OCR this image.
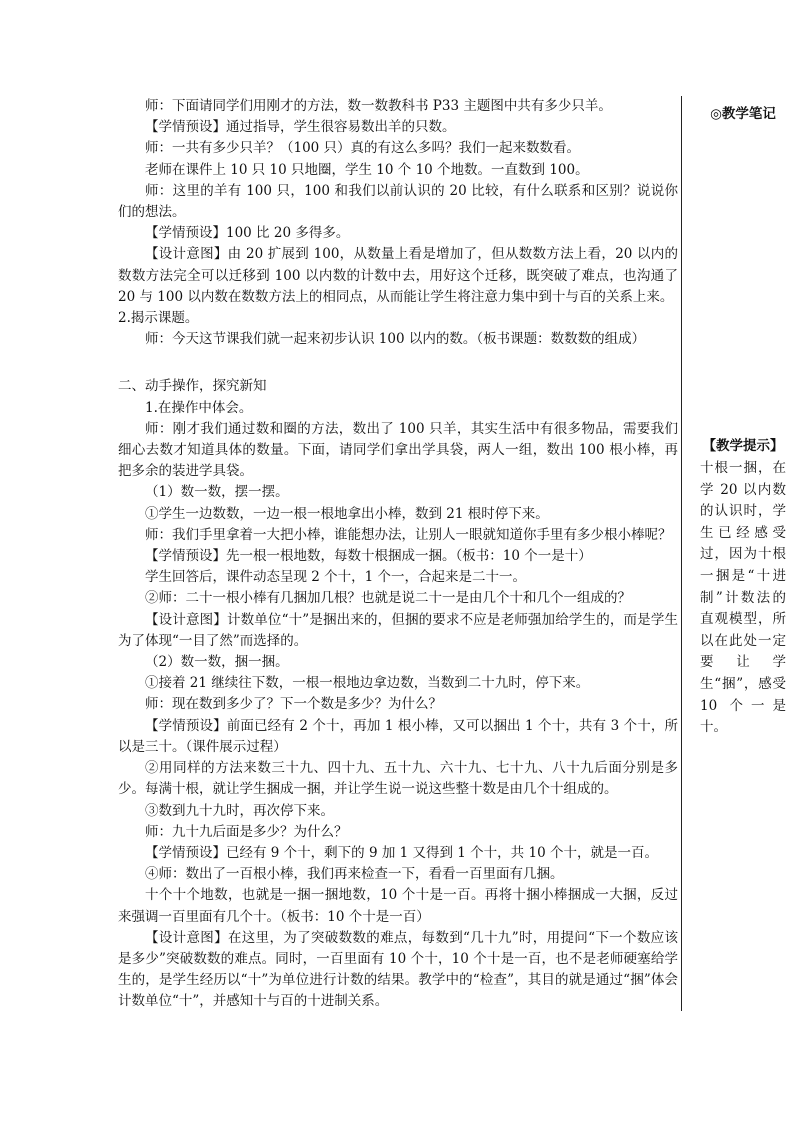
师：下面请同学们用刚才的方法，数一数教科书 P33 主题图中共有多少只羊。

【学情预设】通过指导，学生很容易数出羊的只数。

师：一共有多少只羊？（100 只）真的有这么多吗？我们一起来数数看。

老师在课件上 10 只 10 只地圈，学生 10 个 10 个地数。一直数到 100。

师：这里的羊有 100 只，100 和我们以前认识的 20 比较，有什么联系和区别？说说你们的想法。

【学情预设】100 比 20 多得多。

【设计意图】由 20 扩展到 100，从数量上看是增加了，但从数数方法上看，20 以内的数数方法完全可以迁移到 100 以内数的计数中去，用好这个迁移，既突破了难点，也沟通了 20 与 100 以内数在数数方法上的相同点，从而能让学生将注意力集中到十与百的关系上来。

2.揭示课题。

师：今天这节课我们就一起来初步认识 100 以内的数。（板书课题：数数数的组成）

二、动手操作，探究新知

1.在操作中体会。

师：刚才我们通过数和圈的方法，数出了 100 只羊，其实生活中有很多物品，需要我们细心去数才知道具体的数量。下面，请同学们拿出学具袋，两人一组，数出 100 根小棒，再把多余的装进学具袋。

（1）数一数，摆一摆。

①学生一边数数，一边一根一根地拿出小棒，数到 21 根时停下来。

师：我们手里拿着一大把小棒，谁能想办法，让别人一眼就知道你手里有多少根小棒呢？

【学情预设】先一根一根地数，每数十根捆成一捆。（板书：10 个一是十）

学生回答后，课件动态呈现 2 个十，1 个一，合起来是二十一。

②师：二十一根小棒有几捆加几根？也就是说二十一是由几个十和几个一组成的？

【设计意图】计数单位“十”是捆出来的，但捆的要求不应是老师强加给学生的，而是学生为了体现“一目了然”而选择的。

（2）数一数，捆一捆。

①接着 21 继续往下数，一根一根地边拿边数，当数到二十九时，停下来。

师：现在数到多少了？下一个数是多少？为什么？

【学情预设】前面已经有 2 个十，再加 1 根小棒，又可以捆出 1 个十，共有 3 个十，所以是三十。（课件展示过程）

②用同样的方法来数三十九、四十九、五十九、六十九、七十九、八十九后面分别是多少。每满十根，就让学生捆成一捆，并让学生说一说这些整十数是由几个十组成的。

③数到九十九时，再次停下来。

师：九十九后面是多少？为什么？

【学情预设】已经有 9 个十，剩下的 9 加 1 又得到 1 个十，共 10 个十，就是一百。

④师：数出了一百根小棒，我们再来检查一下，看看一百里面有几捆。

十个十个地数，也就是一捆一捆地数，10 个十是一百。再将十捆小棒捆成一大捆，反过来强调一百里面有几个十。（板书：10 个十是一百）

【设计意图】在这里，为了突破数数的难点，每数到“几十九”时，用提问“下一个数应该是多少”突破数数的难点。同时，一百里面有 10 个十，10 个十是一百，也不是老师硬塞给学生的，是学生经历以“十”为单位进行计数的结果。教学中的“检查”，其目的就是通过“捆”体会计数单位“十”，并感知十与百的十进制关系。

◎教学笔记
【教学提示】
十根一捆，在学 20 以内数的认识时，学生已经感受过，因为十根一捆是“十进制”计数法的直观模型，所以在此处一定要让学生“捆”，感受 10 个一是十。
